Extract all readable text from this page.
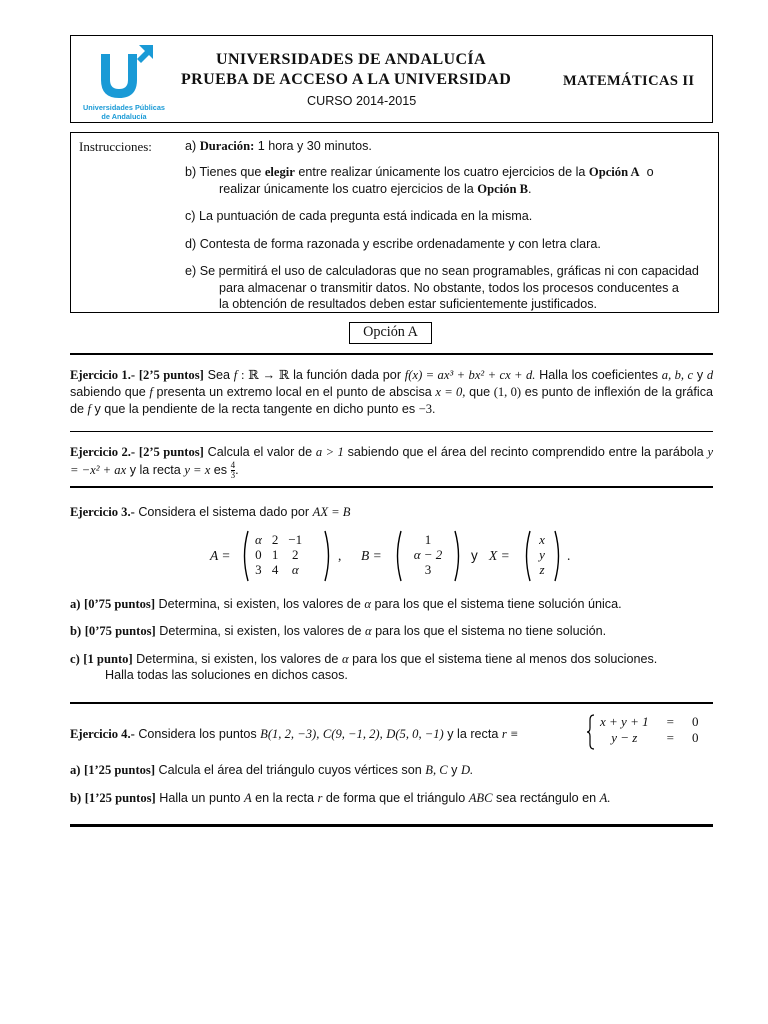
Universidades Públicas
de Andalucía
UNIVERSIDADES DE ANDALUCÍA
PRUEBA DE ACCESO A LA UNIVERSIDAD	MATEMÁTICAS II
CURSO 2014-2015
Instrucciones:	a) Duración: 1 hora y 30 minutos.
b) Tienes que elegir entre realizar únicamente los cuatro ejercicios de la Opción A o
realizar únicamente los cuatro ejercicios de la Opción B.
c) La puntuación de cada pregunta está indicada en la misma.
d) Contesta de forma razonada y escribe ordenadamente y con letra clara.
e) Se permitirá el uso de calculadoras que no sean programables, gráficas ni con capacidad
para almacenar o transmitir datos. No obstante, todos los procesos conducentes a
la obtención de resultados deben estar suficientemente justificados.
Opción A
Ejercicio 1.- [2’5 puntos] Sea f : ℝ → ℝ la función dada por f(x) = ax³ + bx² + cx + d. Halla los coeficientes a, b, c y d sabiendo que f presenta un extremo local en el punto de abscisa x = 0, que (1, 0) es punto de inflexión de la gráfica de f y que la pendiente de la recta tangente en dicho punto es −3.
Ejercicio 2.- [2’5 puntos] Calcula el valor de a > 1 sabiendo que el área del recinto comprendido entre la parábola y = −x² + ax y la recta y = x es $\frac{4}{3}$ .
Ejercicio 3.- Considera el sistema dado por AX = B
A =
α	2	−1
0	1	2
3	4	α
, B =
1
α − 2
3
y X =
x
y
z
.
a) [0’75 puntos] Determina, si existen, los valores de α para los que el sistema tiene solución única.
b) [0’75 puntos] Determina, si existen, los valores de α para los que el sistema no tiene solución.
c) [1 punto] Determina, si existen, los valores de α para los que el sistema tiene al menos dos soluciones.
Halla todas las soluciones en dichos casos.
Ejercicio 4.- Considera los puntos B(1, 2, −3), C(9, −1, 2), D(5, 0, −1) y la recta r ≡
x + y + 1	=	0
y − z	=	0
a) [1’25 puntos] Calcula el área del triángulo cuyos vértices son B, C y D.
b) [1’25 puntos] Halla un punto A en la recta r de forma que el triángulo ABC sea rectángulo en A.
